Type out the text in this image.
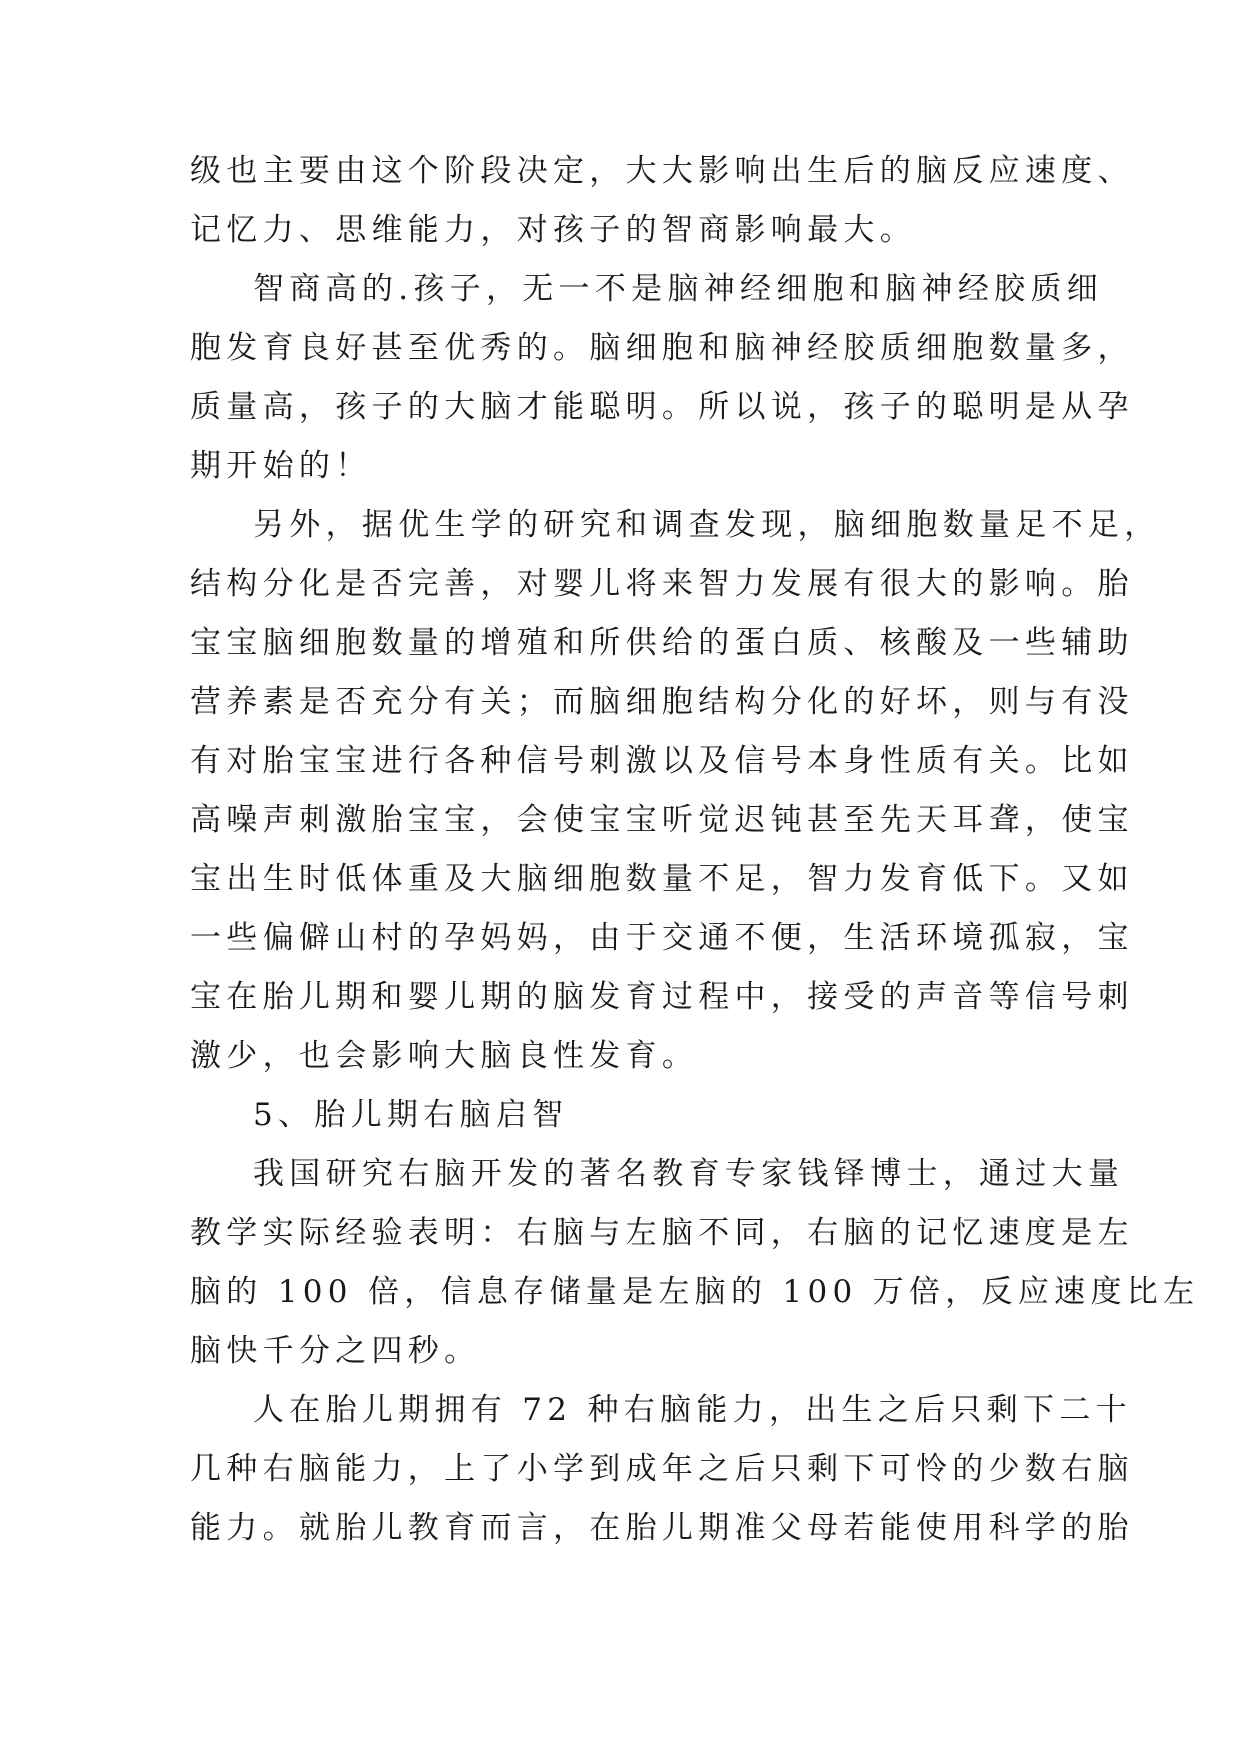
级也主要由这个阶段决定，大大影响出生后的脑反应速度、
记忆力、思维能力，对孩子的智商影响最大。
智商高的.孩子，无一不是脑神经细胞和脑神经胶质细
胞发育良好甚至优秀的。脑细胞和脑神经胶质细胞数量多，
质量高，孩子的大脑才能聪明。所以说，孩子的聪明是从孕
期开始的！
另外，据优生学的研究和调查发现，脑细胞数量足不足，
结构分化是否完善，对婴儿将来智力发展有很大的影响。胎
宝宝脑细胞数量的增殖和所供给的蛋白质、核酸及一些辅助
营养素是否充分有关；而脑细胞结构分化的好坏，则与有没
有对胎宝宝进行各种信号刺激以及信号本身性质有关。比如
高噪声刺激胎宝宝，会使宝宝听觉迟钝甚至先天耳聋，使宝
宝出生时低体重及大脑细胞数量不足，智力发育低下。又如
一些偏僻山村的孕妈妈，由于交通不便，生活环境孤寂，宝
宝在胎儿期和婴儿期的脑发育过程中，接受的声音等信号刺
激少，也会影响大脑良性发育。
5、胎儿期右脑启智
我国研究右脑开发的著名教育专家钱铎博士，通过大量
教学实际经验表明：右脑与左脑不同，右脑的记忆速度是左
脑的 100 倍，信息存储量是左脑的 100 万倍，反应速度比左
脑快千分之四秒。
人在胎儿期拥有 72 种右脑能力，出生之后只剩下二十
几种右脑能力，上了小学到成年之后只剩下可怜的少数右脑
能力。就胎儿教育而言，在胎儿期准父母若能使用科学的胎
